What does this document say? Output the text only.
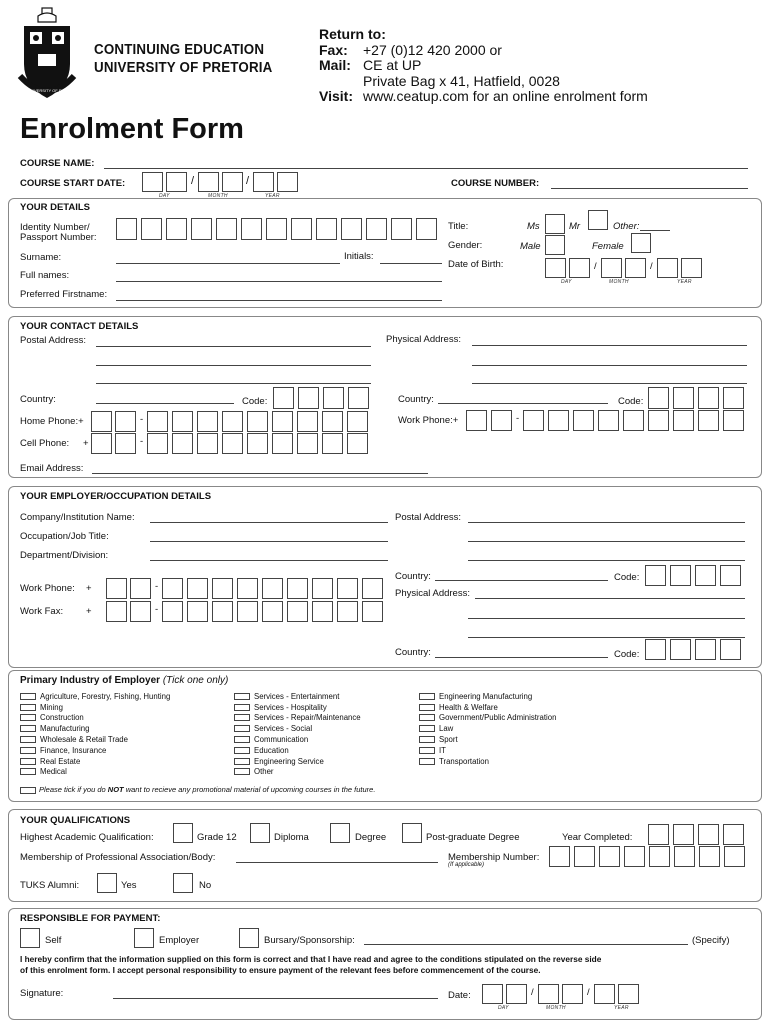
CE AT UNIVERSITY OF PRETORIA
CONTINUING EDUCATION
UNIVERSITY OF PRETORIA
Return to:
Fax: +27 (0)12 420 2000 or
Mail: CE at UP
Private Bag x 41, Hatfield, 0028
Visit: www.ceatup.com for an online enrolment form
Enrolment Form
COURSE NAME:
COURSE START DATE:	/	/
DAY	MONTH	YEAR
COURSE NUMBER:
YOUR DETAILS
Identity Number/
Passport Number:
Surname:	Initials:
Full names:
Preferred Firstname:
Title:	Ms	Mr	Other:
Gender:	Male	Female
Date of Birth:	/	/
DAY	MONTH	YEAR
YOUR CONTACT DETAILS
Postal Address:	Physical Address:
Country:	Code:	Country:	Code:
Home Phone:+	-	Work Phone:+	-
Cell Phone: +	-
Email Address:
YOUR EMPLOYER/OCCUPATION DETAILS
Company/Institution Name:
Occupation/Job Title:
Department/Division:
Postal Address:
Country:	Code:
Physical Address:
Country:	Code:
Work Phone: +	-
Work Fax: +	-
Primary Industry of Employer (Tick one only)
Agriculture, Forestry, Fishing, Hunting
Mining
Construction
Manufacturing
Wholesale & Retail Trade
Finance, Insurance
Real Estate
Medical
Services - Entertainment
Services - Hospitality
Services - Repair/Maintenance
Services - Social
Communication
Education
Engineering Service
Other
Engineering Manufacturing
Health & Welfare
Government/Public Administration
Law
Sport
IT
Transportation
Please tick if you do NOT want to recieve any promotional material of upcoming courses in the future.
YOUR QUALIFICATIONS
Highest Academic Qualification:	Grade 12	Diploma	Degree	Post-graduate Degree	Year Completed:
Membership of Professional Association/Body:	Membership Number:
(If applicable)
TUKS Alumni:	Yes	No
RESPONSIBLE FOR PAYMENT:
Self	Employer	Bursary/Sponsorship:	(Specify)
I hereby confirm that the information supplied on this form is correct and that I have read and agree to the conditions stipulated on the reverse side
of this enrolment form. I accept personal responsibility to ensure payment of the relevant fees before commencement of the course.
Signature:	Date:	/	/
DAY	MONTH	YEAR
